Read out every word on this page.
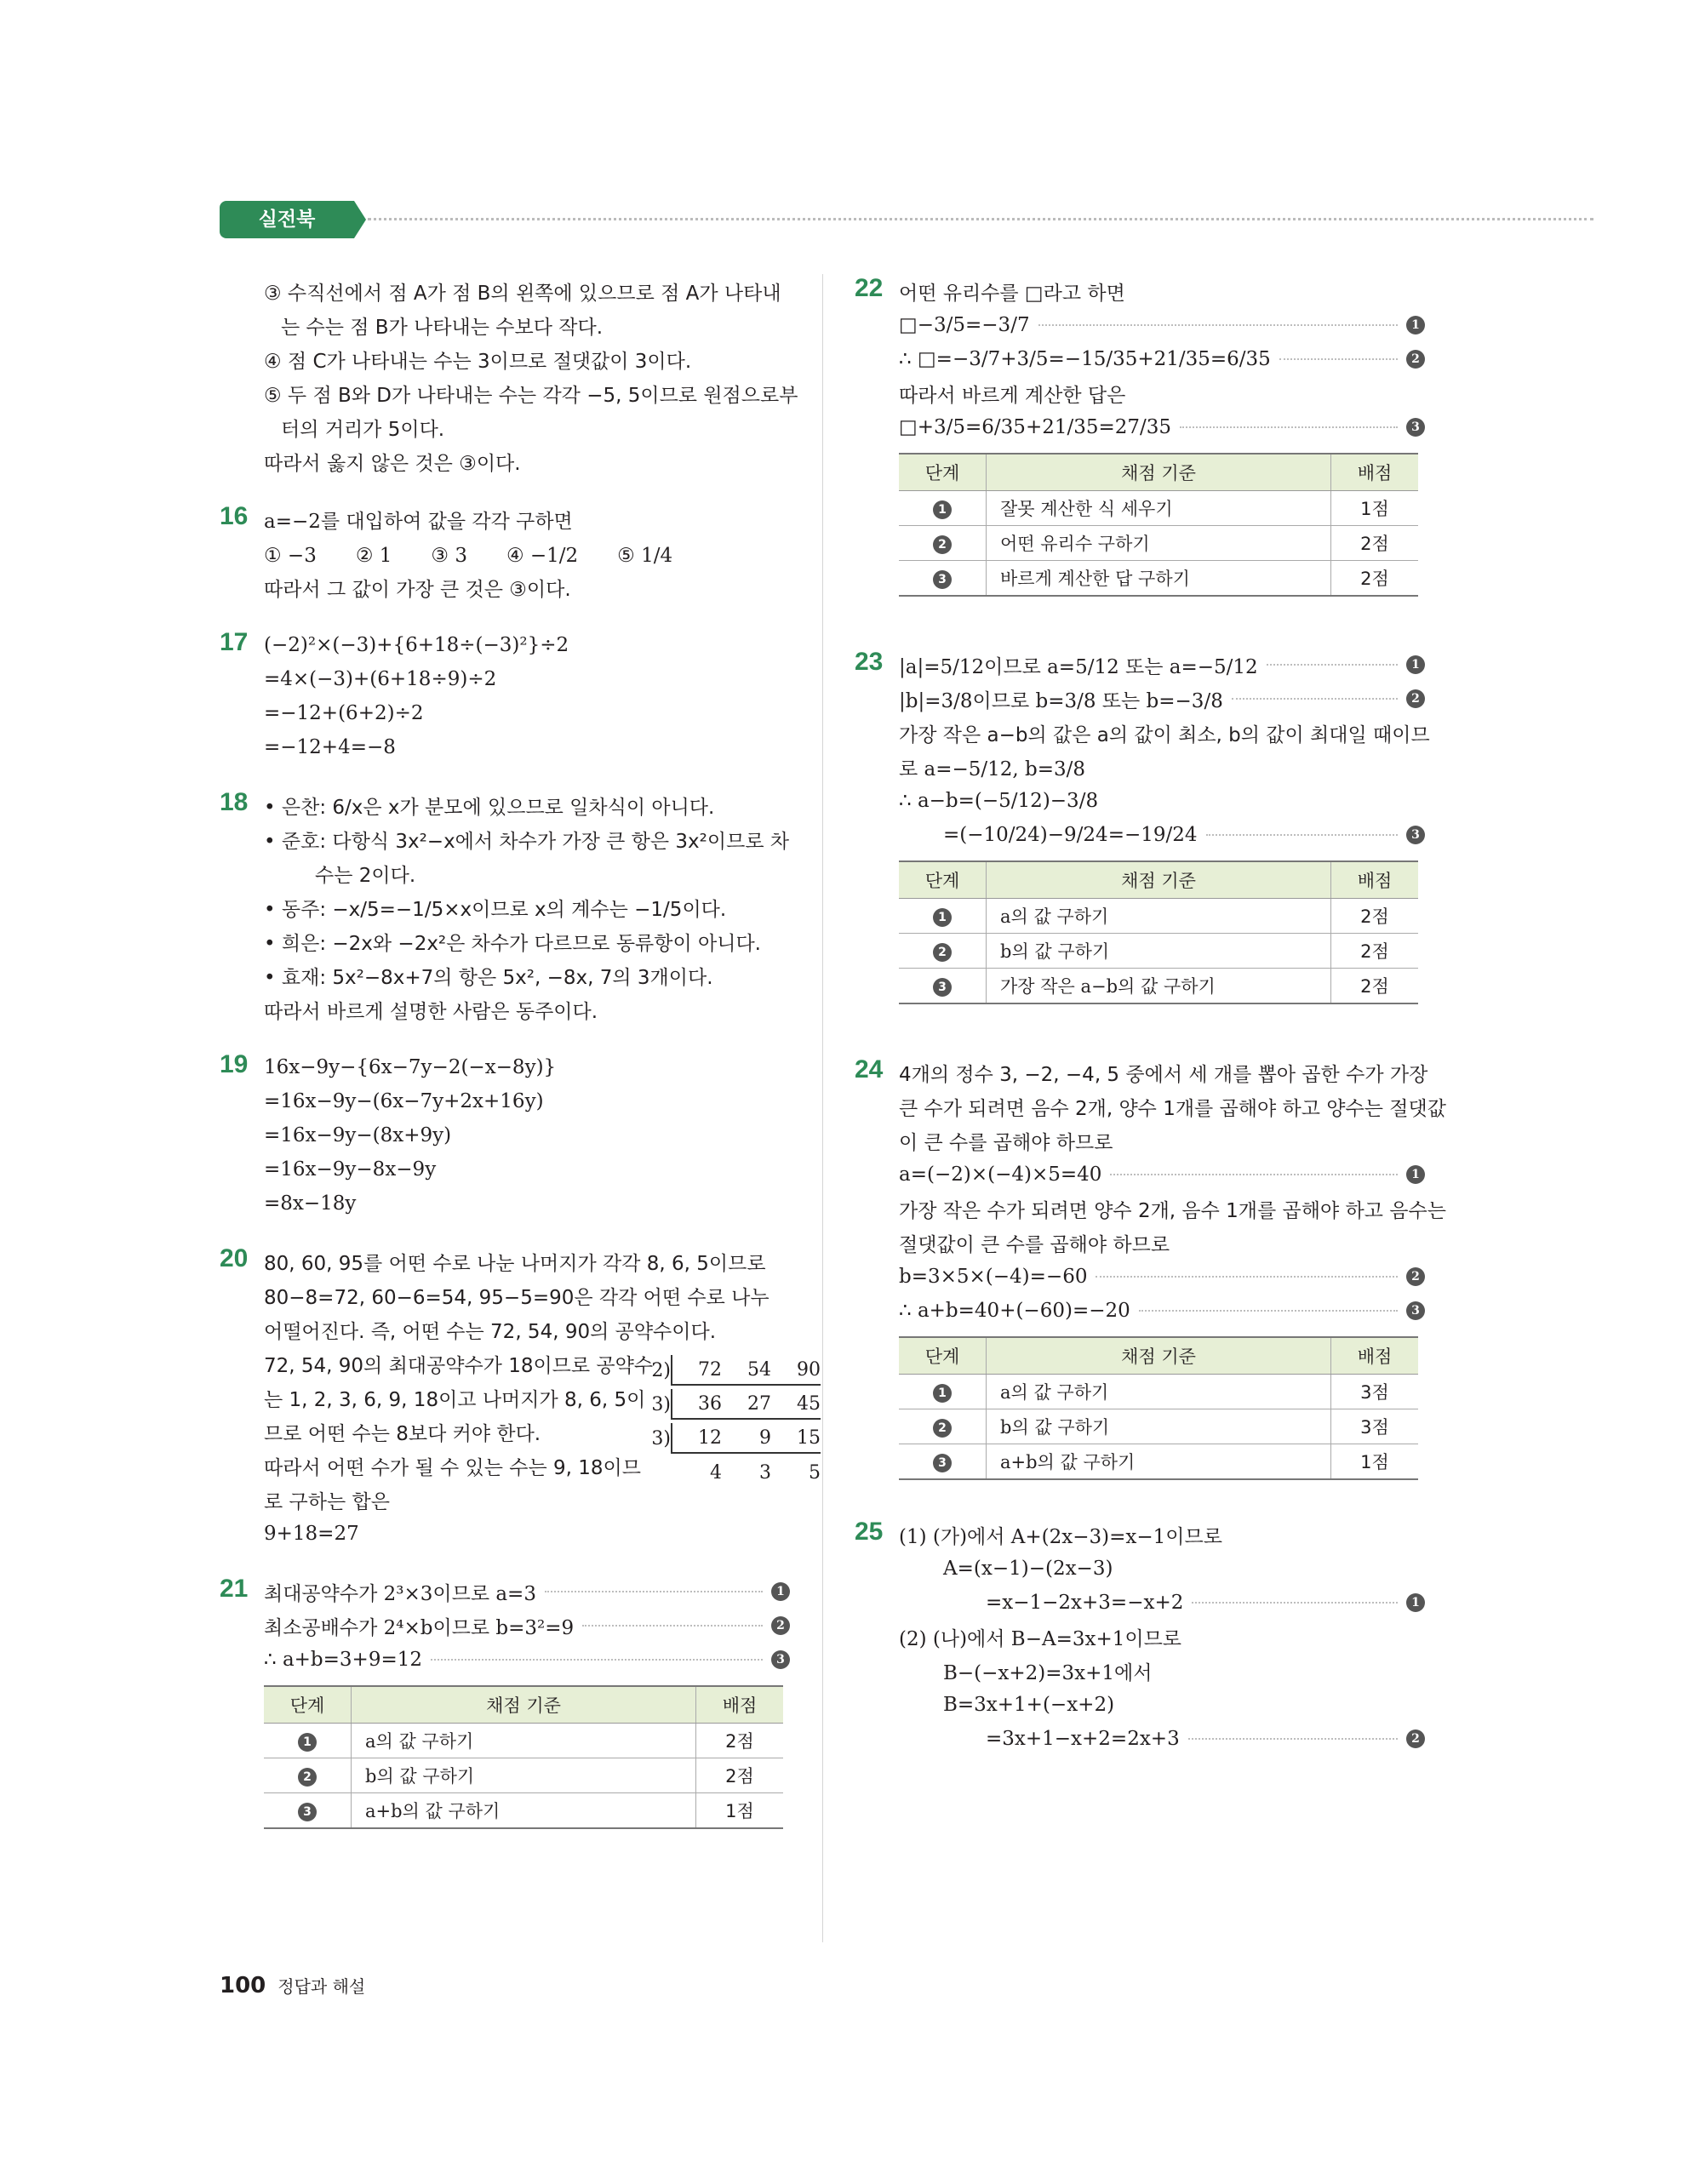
실전북
③ 수직선에서 점 A가 점 B의 왼쪽에 있으므로 점 A가 나타내
는 수는 점 B가 나타내는 수보다 작다.
④ 점 C가 나타내는 수는 3이므로 절댓값이 3이다.
⑤ 두 점 B와 D가 나타내는 수는 각각 −5, 5이므로 원점으로부
터의 거리가 5이다.
따라서 옳지 않은 것은 ③이다.
16 a=−2를 대입하여 값을 각각 구하면
① −3　　② 1　　③ 3　　④ −1/2　　⑤ 1/4
따라서 그 값이 가장 큰 것은 ③이다.
17 (−2)²×(−3)+{6+18÷(−3)²}÷2
=4×(−3)+(6+18÷9)÷2
=−12+(6+2)÷2
=−12+4=−8
18 • 은찬: 6/x은 x가 분모에 있으므로 일차식이 아니다.
• 준호: 다항식 3x²−x에서 차수가 가장 큰 항은 3x²이므로 차
수는 2이다.
• 동주: −x/5=−1/5×x이므로 x의 계수는 −1/5이다.
• 희은: −2x와 −2x²은 차수가 다르므로 동류항이 아니다.
• 효재: 5x²−8x+7의 항은 5x², −8x, 7의 3개이다.
따라서 바르게 설명한 사람은 동주이다.
19 16x−9y−{6x−7y−2(−x−8y)}
=16x−9y−(6x−7y+2x+16y)
=16x−9y−(8x+9y)
=16x−9y−8x−9y
=8x−18y
20 80, 60, 95를 어떤 수로 나눈 나머지가 각각 8, 6, 5이므로
80−8=72, 60−6=54, 95−5=90은 각각 어떤 수로 나누
어떨어진다. 즉, 어떤 수는 72, 54, 90의 공약수이다.
72, 54, 90의 최대공약수가 18이므로 공약수
는 1, 2, 3, 6, 9, 18이고 나머지가 8, 6, 5이
므로 어떤 수는 8보다 커야 한다.
따라서 어떤 수가 될 수 있는 수는 9, 18이므
로 구하는 합은
9+18=27
2)	72	54	90
3)	36	27	45
3)	12	9	15
4	3	5
21 최대공약수가 2³×3이므로 a=3	1
최소공배수가 2⁴×b이므로 b=3²=9	2
∴ a+b=3+9=12	3
단계	채점 기준	배점
1	a의 값 구하기	2점
2	b의 값 구하기	2점
3	a+b의 값 구하기	1점
22 어떤 유리수를 □라고 하면
□−3/5=−3/7	1
∴ □=−3/7+3/5=−15/35+21/35=6/35	2
따라서 바르게 계산한 답은
□+3/5=6/35+21/35=27/35	3
단계	채점 기준	배점
1	잘못 계산한 식 세우기	1점
2	어떤 유리수 구하기	2점
3	바르게 계산한 답 구하기	2점
23 |a|=5/12이므로 a=5/12 또는 a=−5/12	1
|b|=3/8이므로 b=3/8 또는 b=−3/8	2
가장 작은 a−b의 값은 a의 값이 최소, b의 값이 최대일 때이므
로 a=−5/12, b=3/8
∴ a−b=(−5/12)−3/8
=(−10/24)−9/24=−19/24	3
단계	채점 기준	배점
1	a의 값 구하기	2점
2	b의 값 구하기	2점
3	가장 작은 a−b의 값 구하기	2점
24 4개의 정수 3, −2, −4, 5 중에서 세 개를 뽑아 곱한 수가 가장
큰 수가 되려면 음수 2개, 양수 1개를 곱해야 하고 양수는 절댓값
이 큰 수를 곱해야 하므로
a=(−2)×(−4)×5=40	1
가장 작은 수가 되려면 양수 2개, 음수 1개를 곱해야 하고 음수는
절댓값이 큰 수를 곱해야 하므로
b=3×5×(−4)=−60	2
∴ a+b=40+(−60)=−20	3
단계	채점 기준	배점
1	a의 값 구하기	3점
2	b의 값 구하기	3점
3	a+b의 값 구하기	1점
25 (1) (가)에서 A+(2x−3)=x−1이므로
A=(x−1)−(2x−3)
=x−1−2x+3=−x+2	1
(2) (나)에서 B−A=3x+1이므로
B−(−x+2)=3x+1에서
B=3x+1+(−x+2)
=3x+1−x+2=2x+3	2
100 정답과 해설
